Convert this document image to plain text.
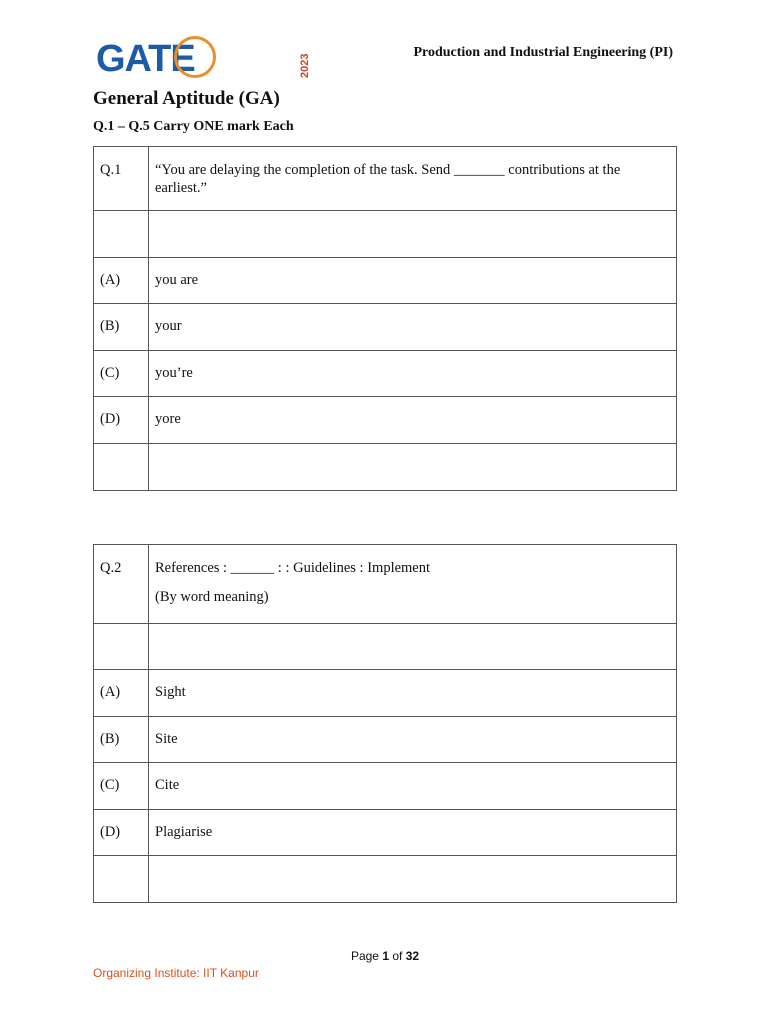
GATE	2023
Production and Industrial Engineering (PI)
General Aptitude (GA)
Q.1 – Q.5 Carry ONE mark Each
Q.1	“You are delaying the completion of the task. Send _______ contributions at the earliest.”

(A)	you are

(B)	your

(C)	you’re

(D)	yore

Q.2	References : ______ : : Guidelines : Implement
(By word meaning)

(A)	Sight

(B)	Site

(C)	Cite

(D)	Plagiarise

Page 1 of 32
Organizing Institute: IIT Kanpur
